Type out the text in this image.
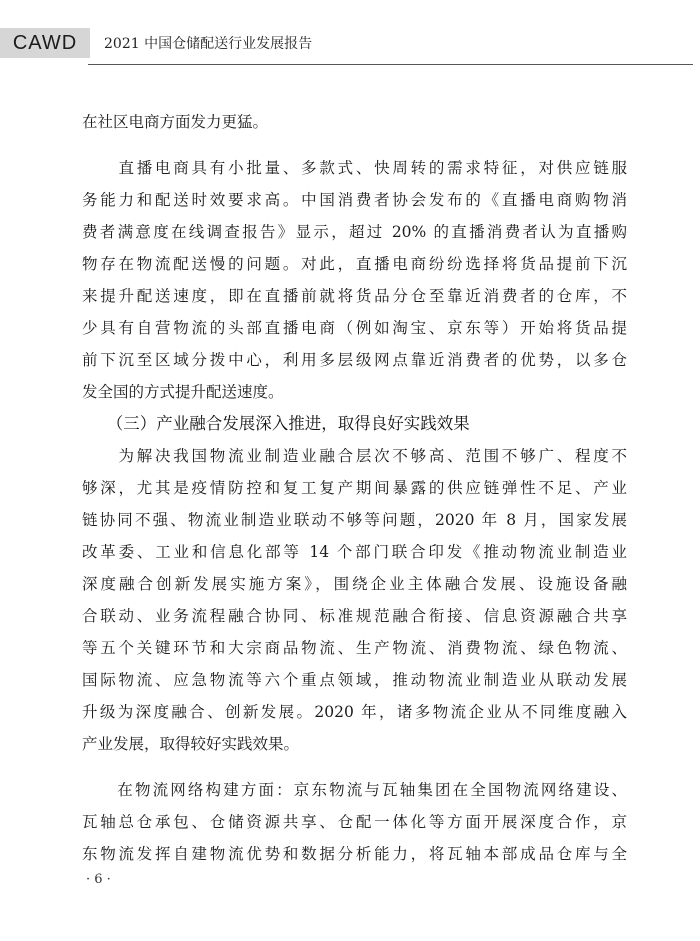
CAWD 2021 中国仓储配送行业发展报告
在社区电商方面发力更猛。
　　直播电商具有小批量、多款式、快周转的需求特征，对供应链服
务能力和配送时效要求高。中国消费者协会发布的《直播电商购物消
费者满意度在线调查报告》显示，超过 20% 的直播消费者认为直播购
物存在物流配送慢的问题。对此，直播电商纷纷选择将货品提前下沉
来提升配送速度，即在直播前就将货品分仓至靠近消费者的仓库，不
少具有自营物流的头部直播电商（例如淘宝、京东等）开始将货品提
前下沉至区域分拨中心，利用多层级网点靠近消费者的优势，以多仓
发全国的方式提升配送速度。
　　（三）产业融合发展深入推进，取得良好实践效果
　　为解决我国物流业制造业融合层次不够高、范围不够广、程度不
够深，尤其是疫情防控和复工复产期间暴露的供应链弹性不足、产业
链协同不强、物流业制造业联动不够等问题，2020 年 8 月，国家发展
改革委、工业和信息化部等 14 个部门联合印发《推动物流业制造业
深度融合创新发展实施方案》，围绕企业主体融合发展、设施设备融
合联动、业务流程融合协同、标准规范融合衔接、信息资源融合共享
等五个关键环节和大宗商品物流、生产物流、消费物流、绿色物流、
国际物流、应急物流等六个重点领域，推动物流业制造业从联动发展
升级为深度融合、创新发展。2020 年，诸多物流企业从不同维度融入
产业发展，取得较好实践效果。
　　在物流网络构建方面：京东物流与瓦轴集团在全国物流网络建设、
瓦轴总仓承包、仓储资源共享、仓配一体化等方面开展深度合作，京
东物流发挥自建物流优势和数据分析能力，将瓦轴本部成品仓库与全
· 6 ·
